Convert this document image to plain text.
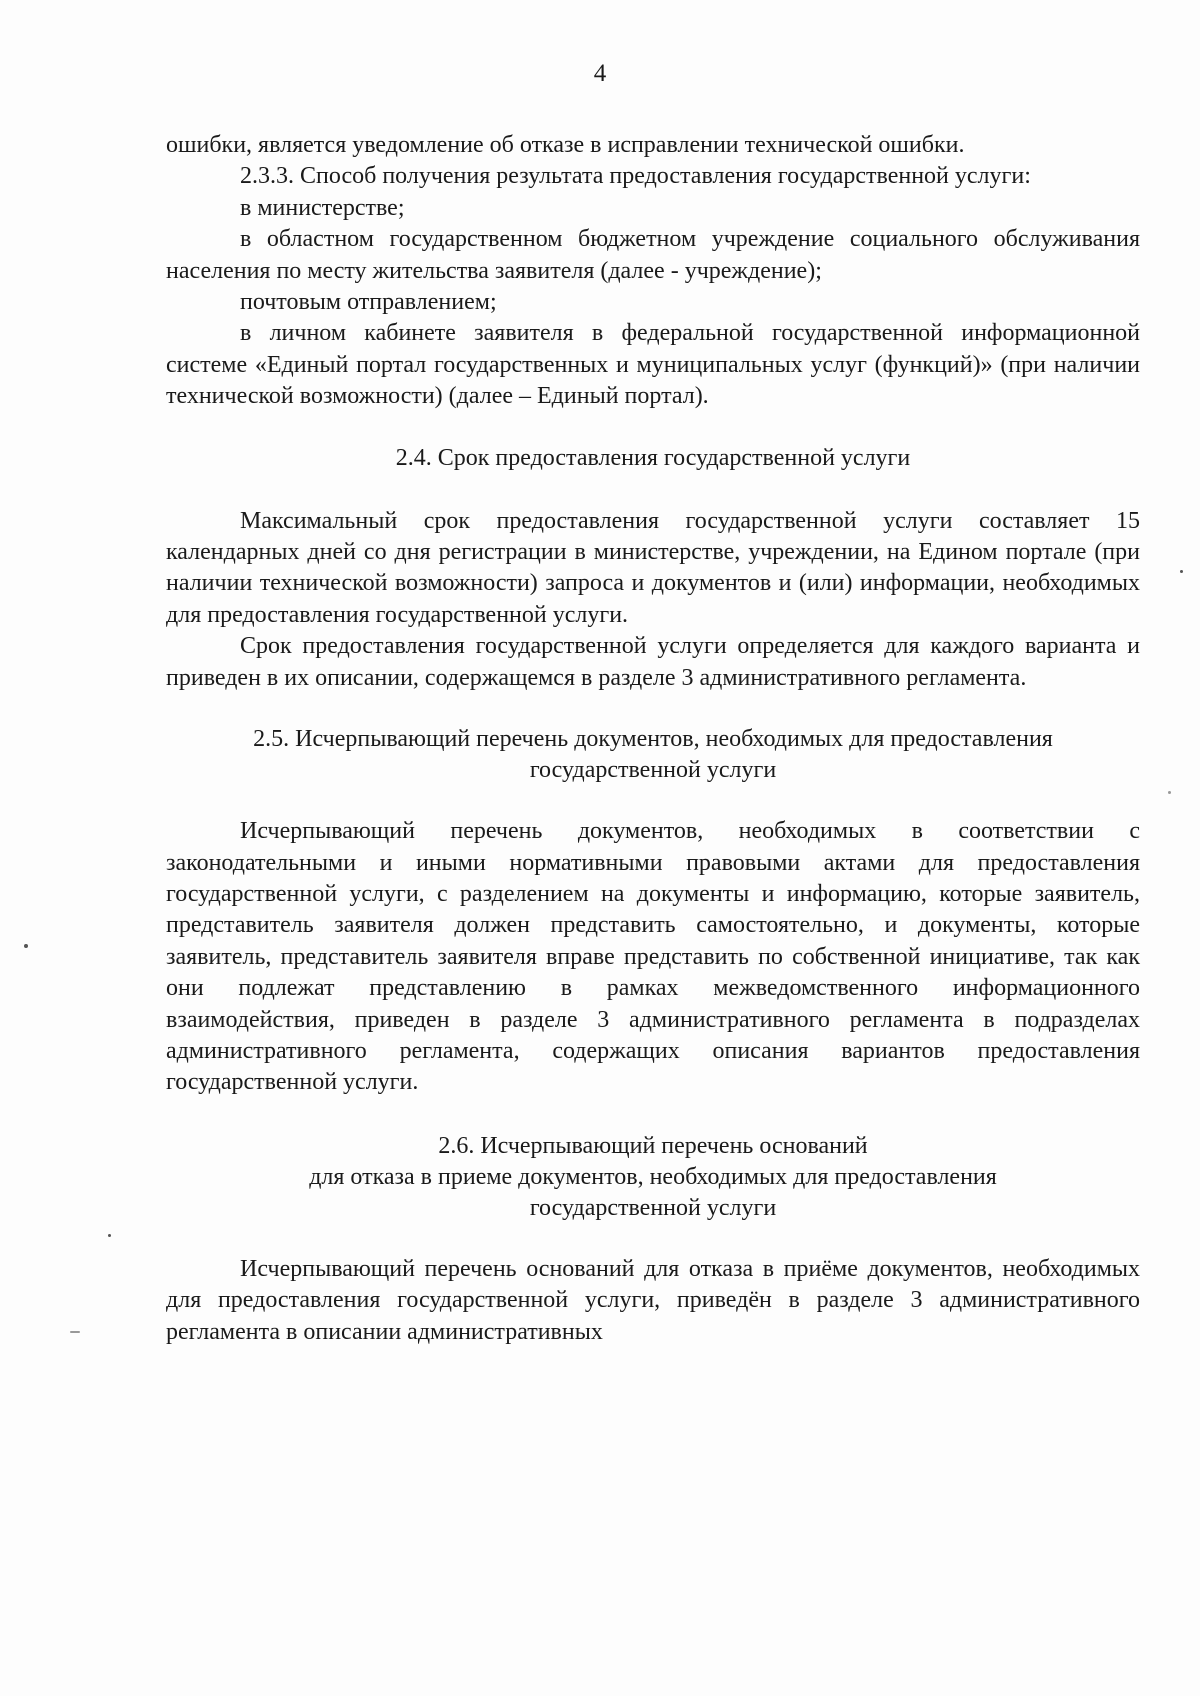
4

ошибки, является уведомление об отказе в исправлении технической ошибки.

2.3.3. Способ получения результата предоставления государственной услуги:

в министерстве;

в областном государственном бюджетном учреждение социального обслуживания населения по месту жительства заявителя (далее - учреждение);

почтовым отправлением;

в личном кабинете заявителя в федеральной государственной информационной системе «Единый портал государственных и муниципальных услуг (функций)» (при наличии технической возможности) (далее – Единый портал).

2.4. Срок предоставления государственной услуги

Максимальный срок предоставления государственной услуги составляет 15 календарных дней со дня регистрации в министерстве, учреждении, на Едином портале (при наличии технической возможности) запроса и документов и (или) информации, необходимых для предоставления государственной услуги.

Срок предоставления государственной услуги определяется для каждого варианта и приведен в их описании, содержащемся в разделе 3 административного регламента.

2.5. Исчерпывающий перечень документов, необходимых для предоставления

государственной услуги

Исчерпывающий перечень документов, необходимых в соответствии с законодательными и иными нормативными правовыми актами для предоставления государственной услуги, с разделением на документы и информацию, которые заявитель, представитель заявителя должен представить самостоятельно, и документы, которые заявитель, представитель заявителя вправе представить по собственной инициативе, так как они подлежат представлению в рамках межведомственного информационного взаимодействия, приведен в разделе 3 административного регламента в подразделах административного регламента, содержащих описания вариантов предоставления государственной услуги.

2.6. Исчерпывающий перечень оснований

для отказа в приеме документов, необходимых для предоставления

государственной услуги

Исчерпывающий перечень оснований для отказа в приёме документов, необходимых для предоставления государственной услуги, приведён в разделе 3 административного регламента в описании административных
